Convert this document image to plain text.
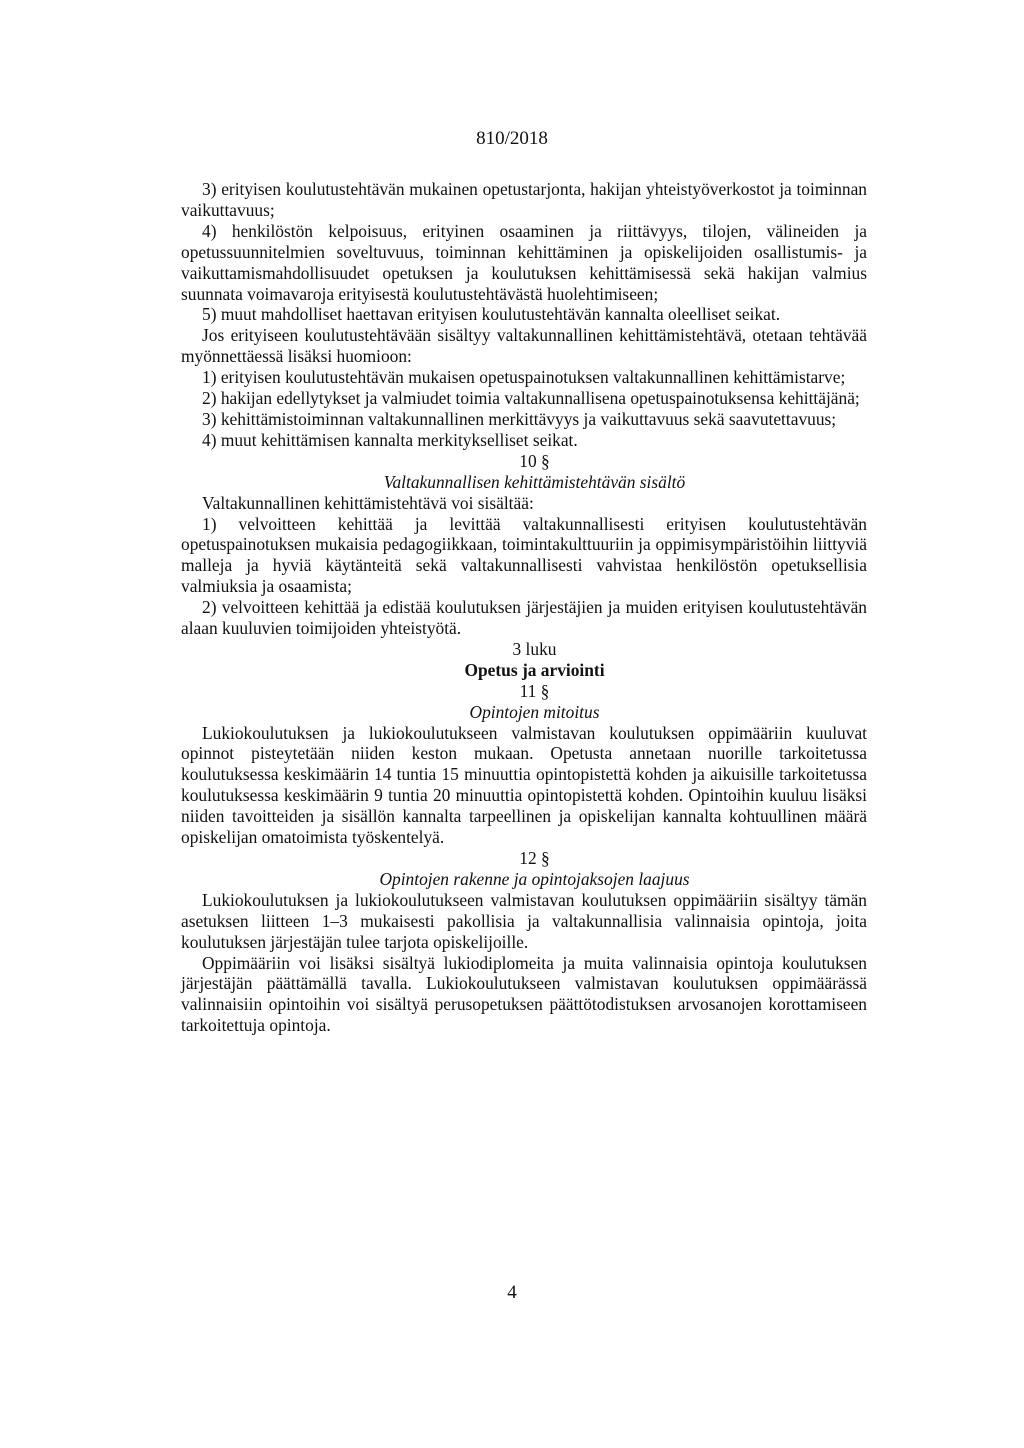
810/2018

3) erityisen koulutustehtävän mukainen opetustarjonta, hakijan yhteistyöverkostot ja toiminnan vaikuttavuus;

4) henkilöstön kelpoisuus, erityinen osaaminen ja riittävyys, tilojen, välineiden ja opetussuunnitelmien soveltuvuus, toiminnan kehittäminen ja opiskelijoiden osallistumis- ja vaikuttamismahdollisuudet opetuksen ja koulutuksen kehittämisessä sekä hakijan valmius suunnata voimavaroja erityisestä koulutustehtävästä huolehtimiseen;

5) muut mahdolliset haettavan erityisen koulutustehtävän kannalta oleelliset seikat.

Jos erityiseen koulutustehtävään sisältyy valtakunnallinen kehittämistehtävä, otetaan tehtävää myönnettäessä lisäksi huomioon:

1) erityisen koulutustehtävän mukaisen opetuspainotuksen valtakunnallinen kehittämistarve;

2) hakijan edellytykset ja valmiudet toimia valtakunnallisena opetuspainotuksensa kehittäjänä;

3) kehittämistoiminnan valtakunnallinen merkittävyys ja vaikuttavuus sekä saavutettavuus;

4) muut kehittämisen kannalta merkitykselliset seikat.

10 §

Valtakunnallisen kehittämistehtävän sisältö

Valtakunnallinen kehittämistehtävä voi sisältää:

1) velvoitteen kehittää ja levittää valtakunnallisesti erityisen koulutustehtävän opetuspainotuksen mukaisia pedagogiikkaan, toimintakulttuuriin ja oppimisympäristöihin liittyviä malleja ja hyviä käytänteitä sekä valtakunnallisesti vahvistaa henkilöstön opetuksellisia valmiuksia ja osaamista;

2) velvoitteen kehittää ja edistää koulutuksen järjestäjien ja muiden erityisen koulutustehtävän alaan kuuluvien toimijoiden yhteistyötä.

3 luku

Opetus ja arviointi

11 §

Opintojen mitoitus

Lukiokoulutuksen ja lukiokoulutukseen valmistavan koulutuksen oppimääriin kuuluvat opinnot pisteytetään niiden keston mukaan. Opetusta annetaan nuorille tarkoitetussa koulutuksessa keskimäärin 14 tuntia 15 minuuttia opintopistettä kohden ja aikuisille tarkoitetussa koulutuksessa keskimäärin 9 tuntia 20 minuuttia opintopistettä kohden. Opintoihin kuuluu lisäksi niiden tavoitteiden ja sisällön kannalta tarpeellinen ja opiskelijan kannalta kohtuullinen määrä opiskelijan omatoimista työskentelyä.

12 §

Opintojen rakenne ja opintojaksojen laajuus

Lukiokoulutuksen ja lukiokoulutukseen valmistavan koulutuksen oppimääriin sisältyy tämän asetuksen liitteen 1–3 mukaisesti pakollisia ja valtakunnallisia valinnaisia opintoja, joita koulutuksen järjestäjän tulee tarjota opiskelijoille.

Oppimääriin voi lisäksi sisältyä lukiodiplomeita ja muita valinnaisia opintoja koulutuksen järjestäjän päättämällä tavalla. Lukiokoulutukseen valmistavan koulutuksen oppimäärässä valinnaisiin opintoihin voi sisältyä perusopetuksen päättötodistuksen arvosanojen korottamiseen tarkoitettuja opintoja.

4
